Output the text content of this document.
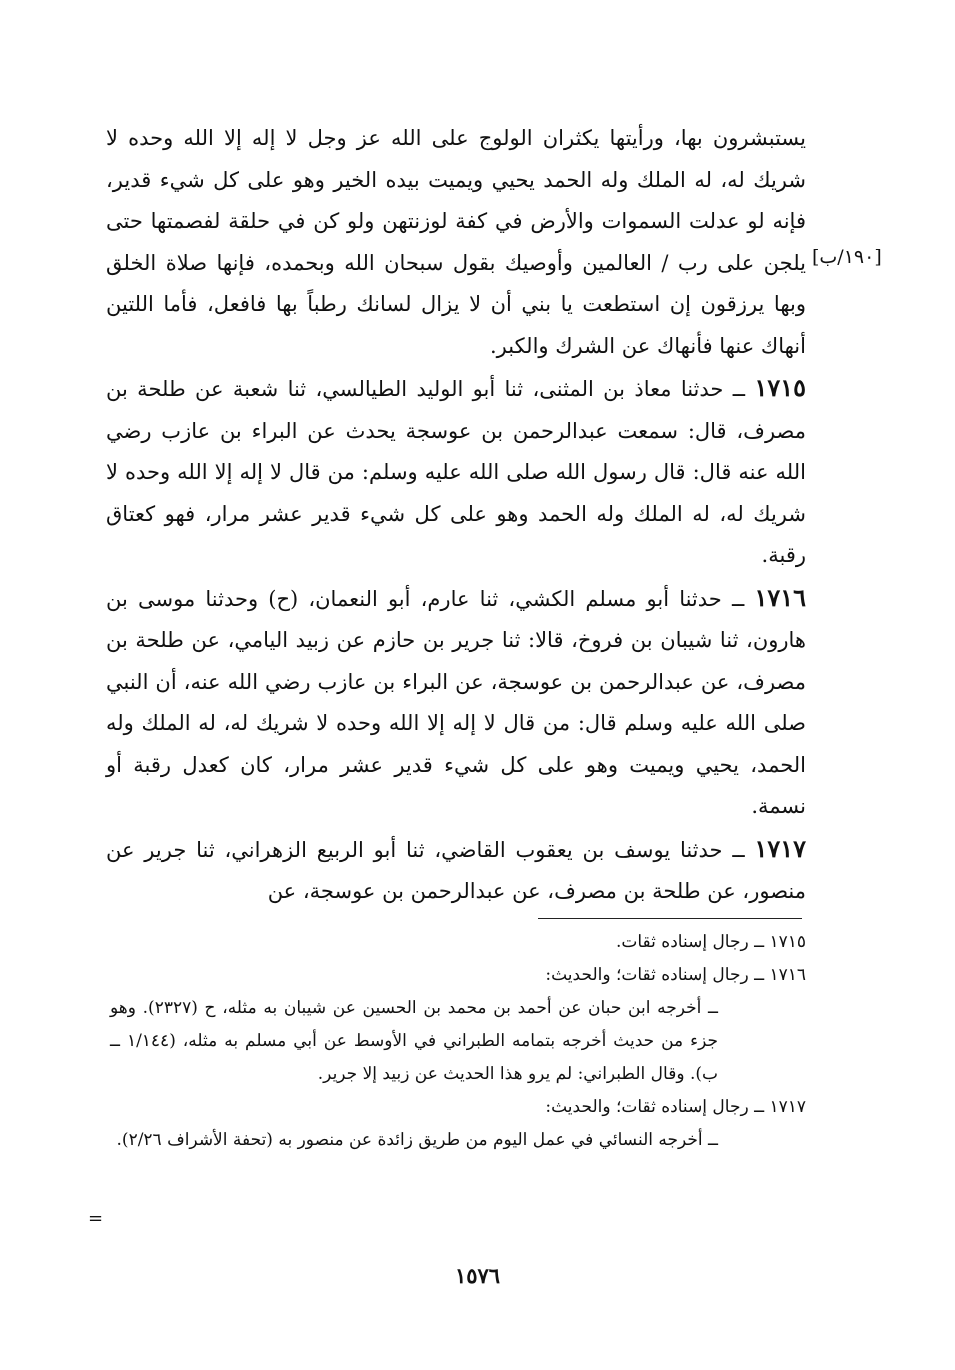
[١٩٠/ب]

يستبشرون بها، ورأيتها يكثران الولوج على الله عز وجل لا إله إلا الله وحده لا شريك له، له الملك وله الحمد يحيي ويميت بيده الخير وهو على كل شيء قدير، فإنه لو عدلت السموات والأرض في كفة لوزنتهن ولو كن في حلقة لفصمتها حتى يلجن على رب / العالمين وأوصيك بقول سبحان الله وبحمده، فإنها صلاة الخلق وبها يرزقون إن استطعت يا بني أن لا يزال لسانك رطباً بها فافعل، فأما اللتين أنهاك عنها فأنهاك عن الشرك والكبر.

١٧١٥ ــ حدثنا معاذ بن المثنى، ثنا أبو الوليد الطيالسي، ثنا شعبة عن طلحة بن مصرف، قال: سمعت عبدالرحمن بن عوسجة يحدث عن البراء بن عازب رضي الله عنه قال: قال رسول الله صلى الله عليه وسلم: من قال لا إله إلا الله وحده لا شريك له، له الملك وله الحمد وهو على كل شيء قدير عشر مرار، فهو كعتاق رقبة.

١٧١٦ ــ حدثنا أبو مسلم الكشي، ثنا عارم، أبو النعمان، (ح) وحدثنا موسى بن هارون، ثنا شيبان بن فروخ، قالا: ثنا جرير بن حازم عن زبيد اليامي، عن طلحة بن مصرف، عن عبدالرحمن بن عوسجة، عن البراء بن عازب رضي الله عنه، أن النبي صلى الله عليه وسلم قال: من قال لا إله إلا الله وحده لا شريك له، له الملك وله الحمد، يحيي ويميت وهو على كل شيء قدير عشر مرار، كان كعدل رقبة أو نسمة.

١٧١٧ ــ حدثنا يوسف بن يعقوب القاضي، ثنا أبو الربيع الزهراني، ثنا جرير عن منصور، عن طلحة بن مصرف، عن عبدالرحمن بن عوسجة، عن

١٧١٥ ــ رجال إسناده ثقات.

١٧١٦ ــ رجال إسناده ثقات؛ والحديث:

ــ أخرجه ابن حبان عن أحمد بن محمد بن الحسين عن شيبان به مثله، ح (٢٣٢٧). وهو جزء من حديث أخرجه بتمامه الطبراني في الأوسط عن أبي مسلم به مثله، (١/١٤٤ ــ ب). وقال الطبراني: لم يرو هذا الحديث عن زبيد إلا جرير.

١٧١٧ ــ رجال إسناده ثقات؛ والحديث:

ــ أخرجه النسائي في عمل اليوم من طريق زائدة عن منصور به (تحفة الأشراف ٢/٢٦).

=
١٥٧٦
